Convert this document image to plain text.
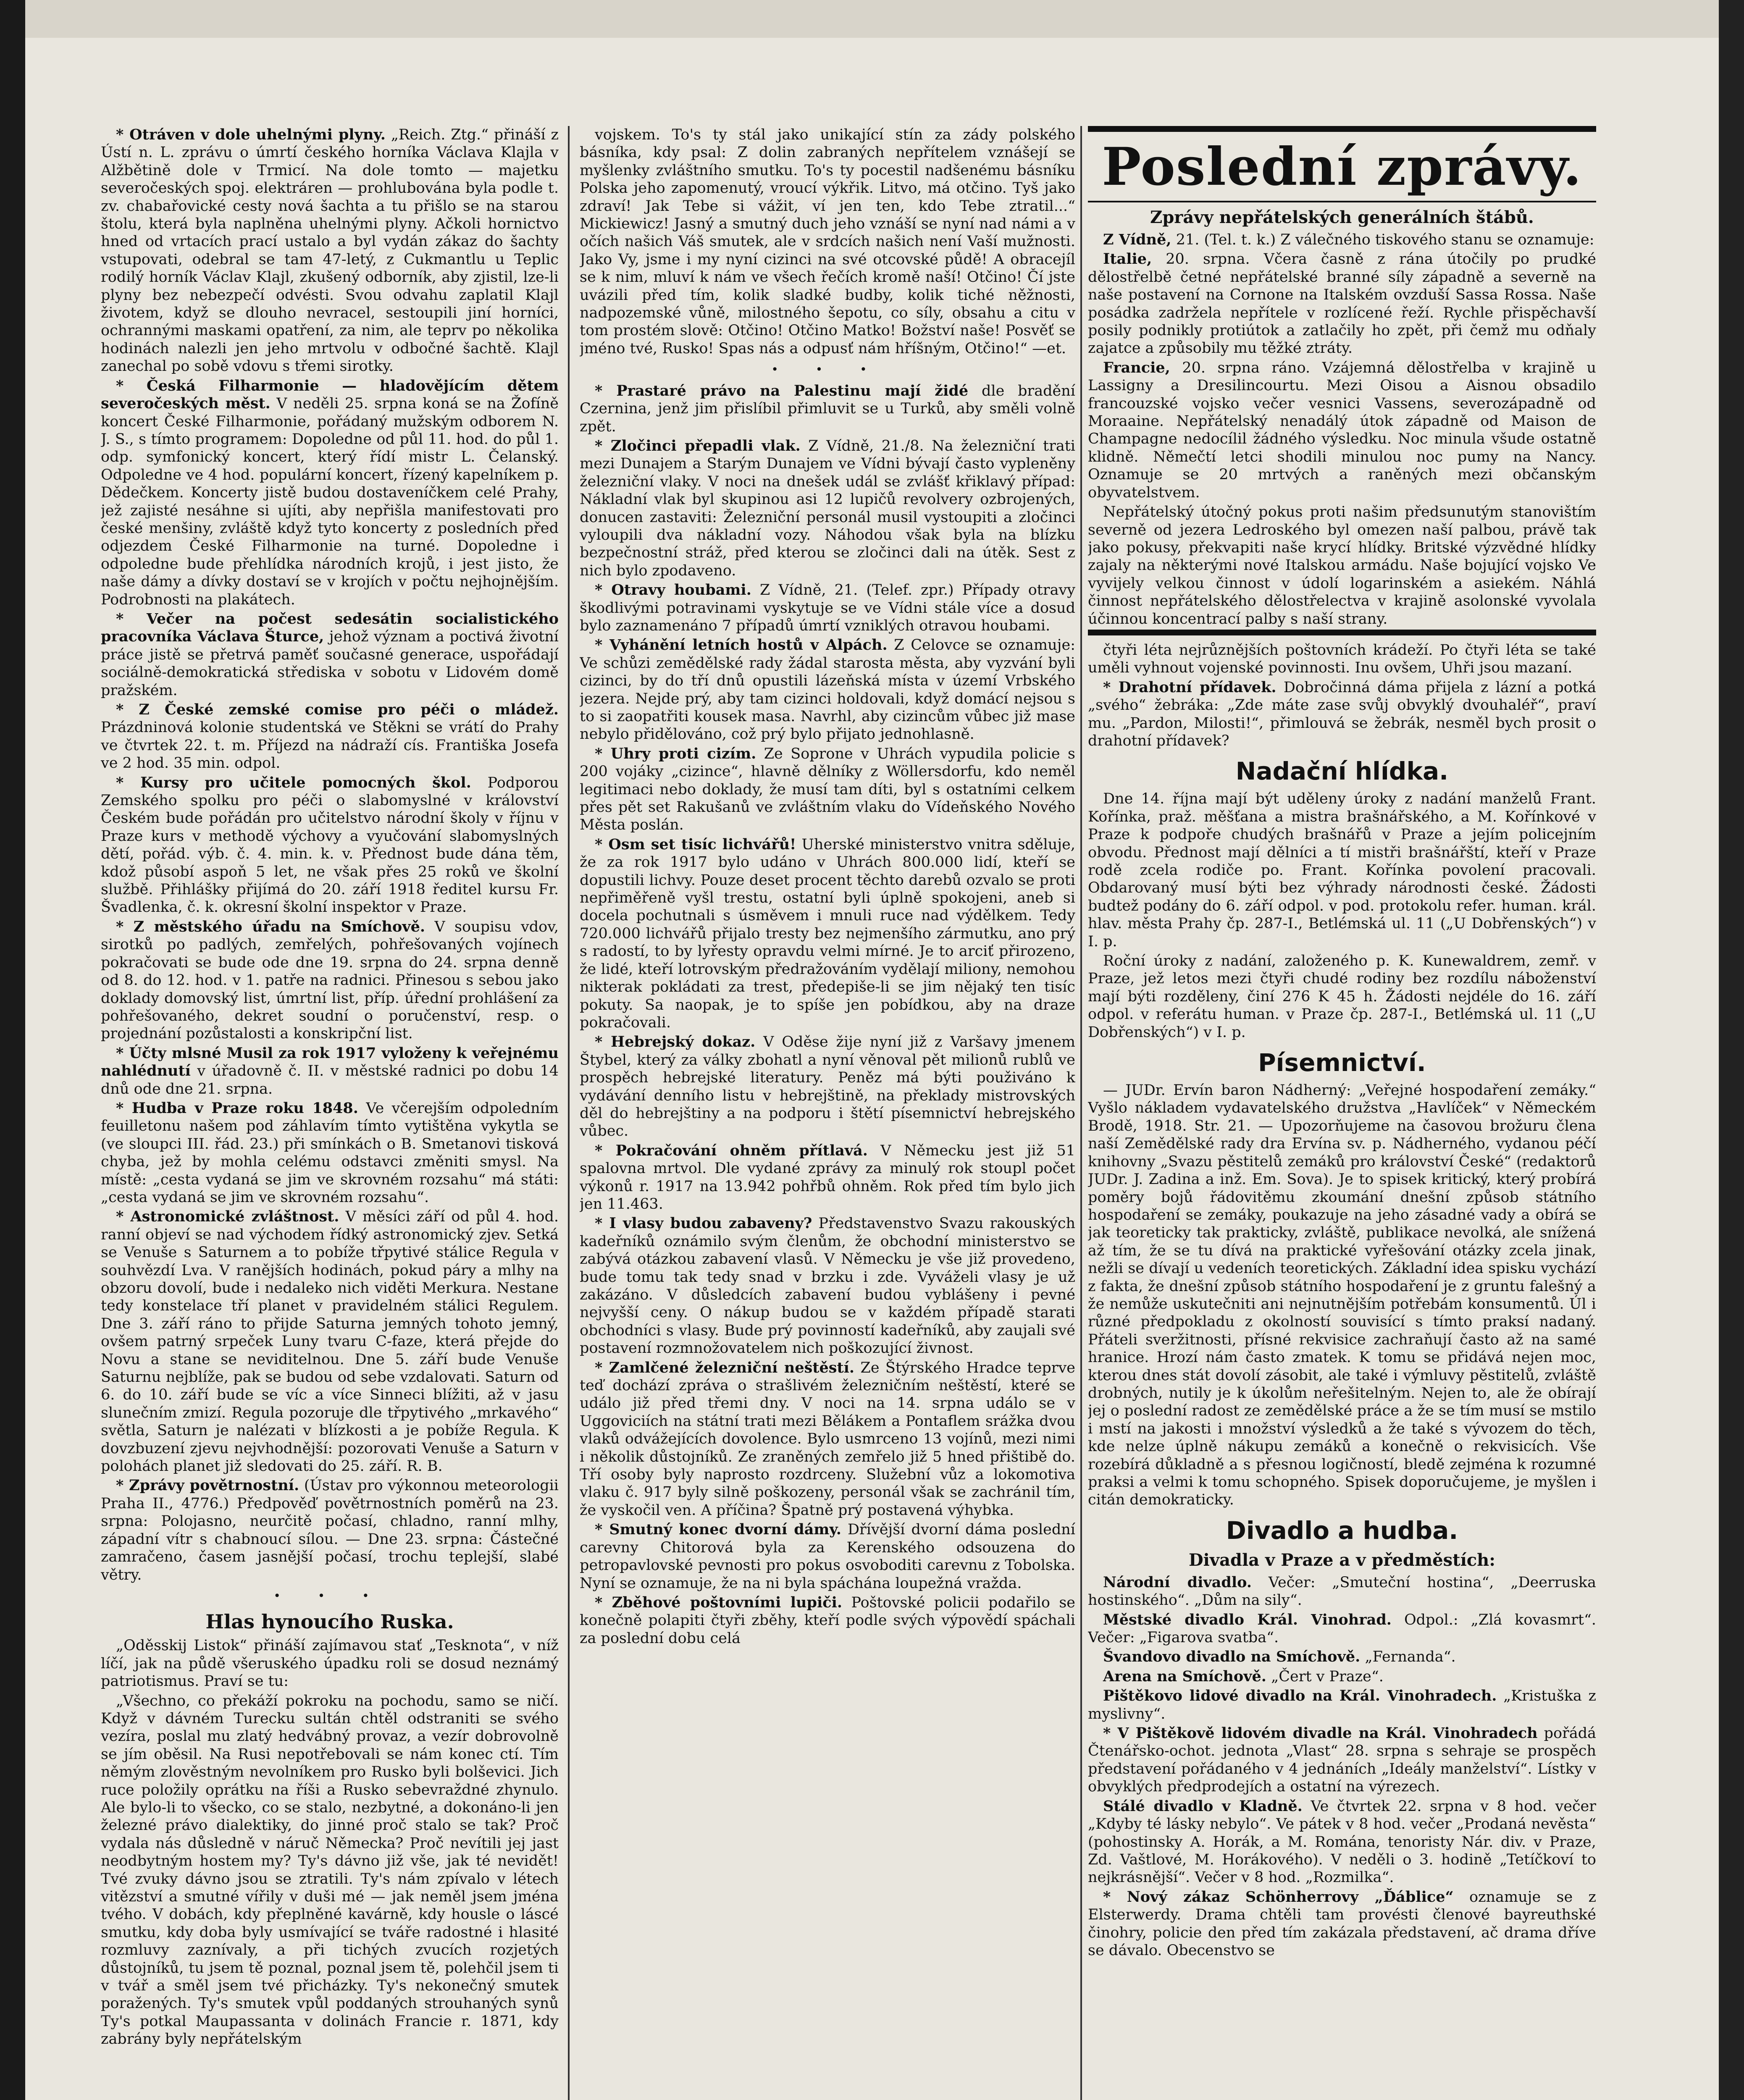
* Otráven v dole uhelnými plyny. „Reich. Ztg.“ přináší z Ústí n. L. zprávu o úmrtí českého horníka Václava Klajla v Alžbětině dole v Trmicí. Na dole tomto — majetku severočeských spoj. elektráren — prohlubována byla podle t. zv. chabařovické cesty nová šachta a tu přišlo se na starou štolu, která byla naplněna uhelnými plyny. Ačkoli hornictvo hned od vrtacích prací ustalo a byl vydán zákaz do šachty vstupovati, odebral se tam 47-letý, z Cukmantlu u Teplic rodilý horník Václav Klajl, zkušený odborník, aby zjistil, lze-li plyny bez nebezpečí odvésti. Svou odvahu zaplatil Klajl životem, když se dlouho nevracel, sestoupili jiní horníci, ochrannými maskami opatření, za nim, ale teprv po několika hodinách nalezli jen jeho mrtvolu v odbočné šachtě. Klajl zanechal po sobě vdovu s třemi sirotky.

* Česká Filharmonie — hladovějícím dětem severočeských měst. V neděli 25. srpna koná se na Žofíně koncert České Filharmonie, pořádaný mužským odborem N. J. S., s tímto programem: Dopoledne od půl 11. hod. do půl 1. odp. symfonický koncert, který řídí mistr L. Čelanský. Odpoledne ve 4 hod. populární koncert, řízený kapelníkem p. Dědečkem. Koncerty jistě budou dostaveníčkem celé Prahy, jež zajisté nesáhne si ujíti, aby nepřišla manifestovati pro české menšiny, zvláště když tyto koncerty z posledních před odjezdem České Filharmonie na turné. Dopoledne i odpoledne bude přehlídka národních krojů, i jest jisto, že naše dámy a dívky dostaví se v krojích v počtu nejhojnějším. Podrobnosti na plakátech.

* Večer na počest sedesátin socialistického pracovníka Václava Šturce, jehož význam a poctivá životní práce jistě se přetrvá paměť současné generace, uspořádají sociálně-demokratická střediska v sobotu v Lidovém domě pražském.

* Z České zemské comise pro péči o mládež. Prázdninová kolonie studentská ve Stěkni se vrátí do Prahy ve čtvrtek 22. t. m. Příjezd na nádraží cís. Františka Josefa ve 2 hod. 35 min. odpol.

* Kursy pro učitele pomocných škol. Podporou Zemského spolku pro péči o slabomyslné v království Českém bude pořádán pro učitelstvo národní školy v říjnu v Praze kurs v methodě výchovy a vyučování slabomyslných dětí, pořád. výb. č. 4. min. k. v. Přednost bude dána těm, kdož působí aspoň 5 let, ne však přes 25 roků ve školní službě. Přihlášky přijímá do 20. září 1918 ředitel kursu Fr. Švadlenka, č. k. okresní školní inspektor v Praze.

* Z městského úřadu na Smíchově. V soupisu vdov, sirotků po padlých, zemřelých, pohřešovaných vojínech pokračovati se bude ode dne 19. srpna do 24. srpna denně od 8. do 12. hod. v 1. patře na radnici. Přinesou s sebou jako doklady domovský list, úmrtní list, příp. úřední prohlášení za pohřešovaného, dekret soudní o poručenství, resp. o projednání pozůstalosti a konskripční list.

* Účty mlsné Musil za rok 1917 vyloženy k veřejnému nahlédnutí v úřadovně č. II. v městské radnici po dobu 14 dnů ode dne 21. srpna.

* Hudba v Praze roku 1848. Ve včerejším odpoledním feuilletonu našem pod záhlavím tímto vytištěna vykytla se (ve sloupci III. řád. 23.) při smínkách o B. Smetanovi tisková chyba, jež by mohla celému odstavci změniti smysl. Na místě: „cesta vydaná se jim ve skrovném rozsahu“ má státi: „cesta vydaná se jim ve skrovném rozsahu“.

* Astronomické zvláštnost. V měsíci září od půl 4. hod. ranní objeví se nad východem řídký astronomický zjev. Setká se Venuše s Saturnem a to pobíže třpytivé stálice Regula v souhvězdí Lva. V ranějších hodinách, pokud páry a mlhy na obzoru dovolí, bude i nedaleko nich viděti Merkura. Nestane tedy konstelace tří planet v pravidelném stálici Regulem. Dne 3. září ráno to přijde Saturna jemných tohoto jemný, ovšem patrný srpeček Luny tvaru C-faze, která přejde do Novu a stane se neviditelnou. Dne 5. září bude Venuše Saturnu nejblíže, pak se budou od sebe vzdalovati. Saturn od 6. do 10. září bude se víc a více Sinneci blížiti, až v jasu slunečním zmizí. Regula pozoruje dle třpytivého „mrkavého“ světla, Saturn je nalézati v blízkosti a je pobíže Regula. K dovzbuzení zjevu nejvhodnější: pozorovati Venuše a Saturn v polohách planet již sledovati do 25. září. R. B.

* Zprávy povětrnostní. (Ústav pro výkonnou meteorologii Praha II., 4776.) Předpověď povětrnostních poměrů na 23. srpna: Polojasno, neurčitě počasí, chladno, ranní mlhy, západní vítr s chabnoucí sílou. — Dne 23. srpna: Částečné zamračeno, časem jasnější počasí, trochu teplejší, slabé větry.

• • •
Hlas hynoucího Ruska.

„Oděsskij Listok“ přináší zajímavou stať „Tesknota“, v níž líčí, jak na půdě všeruského úpadku roli se dosud neznámý patriotismus. Praví se tu:

„Všechno, co překáží pokroku na pochodu, samo se ničí. Když v dávném Turecku sultán chtěl odstraniti se svého vezíra, poslal mu zlatý hedvábný provaz, a vezír dobrovolně se jím oběsil. Na Rusi nepotřebovali se nám konec ctí. Tím němým zlověstným nevolníkem pro Rusko byli bolševici. Jich ruce položily oprátku na říši a Rusko sebevraždné zhynulo. Ale bylo-li to všecko, co se stalo, nezbytné, a dokonáno-li jen železné právo dialektiky, do jinné proč stalo se tak? Proč vydala nás důsledně v náruč Německa? Proč nevítili jej jast neodbytným hostem my? Ty's dávno již vše, jak té nevidět! Tvé zvuky dávno jsou se ztratili. Ty's nám zpívalo v létech vitězství a smutné vířily v duši mé — jak neměl jsem jména tvého. V dobách, kdy přeplněné kavárně, kdy housle o láscé smutku, kdy doba byly usmívající se tváře radostné i hlasité rozmluvy zaznívaly, a při tichých zvucích rozjetých důstojníků, tu jsem tě poznal, poznal jsem tě, polehčil jsem ti v tvář a směl jsem tvé přicházky. Ty's nekonečný smutek poražených. Ty's smutek vpůl poddaných strouhaných synů Ty's potkal Maupassanta v dolinách Francie r. 1871, kdy zabrány byly nepřátelským

vojskem. To's ty stál jako unikající stín za zády polského básníka, kdy psal: Z dolin zabraných nepřítelem vznášejí se myšlenky zvláštního smutku. To's ty pocestil nadšenému básníku Polska jeho zapomenutý, vroucí výkřik. Litvo, má otčino. Tyš jako zdraví! Jak Tebe si vážit, ví jen ten, kdo Tebe ztratil...“ Mickiewicz! Jasný a smutný duch jeho vznáší se nyní nad námi a v očích našich Váš smutek, ale v srdcích našich není Vaší mužnosti. Jako Vy, jsme i my nyní cizinci na své otcovské půdě! A obracejíl se k nim, mluví k nám ve všech řečích kromě naší! Otčino! Čí jste uvázili před tím, kolik sladké budby, kolik tiché něžnosti, nadpozemské vůně, milostného šepotu, co síly, obsahu a citu v tom prostém slově: Otčino! Otčino Matko! Božství naše! Posvěť se jméno tvé, Rusko! Spas nás a odpusť nám hříšným, Otčino!“ —et.

• • •

* Prastaré právo na Palestinu mají židé dle bradění Czernina, jenž jim přislíbil přimluvit se u Turků, aby směli volně zpět.

* Zločinci přepadli vlak. Z Vídně, 21./8. Na železniční trati mezi Dunajem a Starým Dunajem ve Vídni bývají často vypleněny železniční vlaky. V noci na dnešek udál se zvlášť křiklavý případ: Nákladní vlak byl skupinou asi 12 lupičů revolvery ozbrojených, donucen zastaviti: Železniční personál musil vystoupiti a zločinci vyloupili dva nákladní vozy. Náhodou však byla na blízku bezpečnostní stráž, před kterou se zločinci dali na útěk. Sest z nich bylo zpodaveno.

* Otravy houbami. Z Vídně, 21. (Telef. zpr.) Případy otravy škodlivými potravinami vyskytuje se ve Vídni stále více a dosud bylo zaznamenáno 7 případů úmrtí vzniklých otravou houbami.

* Vyhánění letních hostů v Alpách. Z Celovce se oznamuje: Ve schůzi zemědělské rady žádal starosta města, aby vyzvání byli cizinci, by do tří dnů opustili lázeňská místa v území Vrbského jezera. Nejde prý, aby tam cizinci holdovali, když domácí nejsou s to si zaopatřiti kousek masa. Navrhl, aby cizincům vůbec již mase nebylo přidělováno, což prý bylo přijato jednohlasně.

* Uhry proti cizím. Ze Soprone v Uhrách vypudila policie s 200 vojáky „cizince“, hlavně dělníky z Wöllersdorfu, kdo neměl legitimaci nebo doklady, že musí tam díti, byl s ostatními celkem přes pět set Rakušanů ve zvláštním vlaku do Vídeňského Nového Města poslán.

* Osm set tisíc lichvářů! Uherské ministerstvo vnitra sděluje, že za rok 1917 bylo udáno v Uhrách 800.000 lidí, kteří se dopustili lichvy. Pouze deset procent těchto darebů ozvalo se proti nepřiměřeně vyšl trestu, ostatní byli úplně spokojeni, aneb si docela pochutnali s úsměvem i mnuli ruce nad výdělkem. Tedy 720.000 lichvářů přijalo tresty bez nejmenšího zármutku, ano prý s radostí, to by lyřesty opravdu velmi mírné. Je to arciť přirozeno, že lidé, kteří lotrovským předražováním vydělají miliony, nemohou nikterak pokládati za trest, předepiše-li se jim nějaký ten tisíc pokuty. Sa naopak, je to spíše jen pobídkou, aby na draze pokračovali.

* Hebrejský dokaz. V Oděse žije nyní již z Varšavy jmenem Štybel, který za války zbohatl a nyní věnoval pět milionů rublů ve prospěch hebrejské literatury. Peněz má býti použiváno k vydávání denního listu v hebrejštině, na překlady mistrovských děl do hebrejštiny a na podporu i štětí písemnictví hebrejského vůbec.

* Pokračování ohněm přítlavá. V Německu jest již 51 spalovna mrtvol. Dle vydané zprávy za minulý rok stoupl počet výkonů r. 1917 na 13.942 pohřbů ohněm. Rok před tím bylo jich jen 11.463.

* I vlasy budou zabaveny? Představenstvo Svazu rakouských kadeřníků oznámilo svým členům, že obchodní ministerstvo se zabývá otázkou zabavení vlasů. V Německu je vše již provedeno, bude tomu tak tedy snad v brzku i zde. Vyváželi vlasy je už zakázáno. V důsledcích zabavení budou vyblášeny i pevné nejvyšší ceny. O nákup budou se v každém případě starati obchodníci s vlasy. Bude prý povinností kadeřníků, aby zaujali své postavení rozmnožovatelem nich poškozující živnost.

* Zamlčené železniční neštěstí. Ze Štýrského Hradce teprve teď dochází zpráva o strašlivém železničním neštěstí, které se událo již před třemi dny. V noci na 14. srpna událo se v Uggoviciích na státní trati mezi Bělákem a Pontaflem srážka dvou vlaků odvážejících dovolence. Bylo usmrceno 13 vojínů, mezi nimi i několik důstojníků. Ze zraněných zemřelo již 5 hned přištibě do. Tří osoby byly naprosto rozdrceny. Služební vůz a lokomotiva vlaku č. 917 byly silně poškozeny, personál však se zachránil tím, že vyskočil ven. A příčina? Špatně prý postavená výhybka.

* Smutný konec dvorní dámy. Dřívější dvorní dáma poslední carevny Chitorová byla za Kerenského odsouzena do petropavlovské pevnosti pro pokus osvoboditi carevnu z Tobolska. Nyní se oznamuje, že na ni byla spáchána loupežná vražda.

* Zběhové poštovními lupiči. Poštovské policii podařilo se konečně polapiti čtyři zběhy, kteří podle svých výpovědí spáchali za poslední dobu celá

Poslední zprávy.
Zprávy nepřátelských generálních štábů.

Z Vídně, 21. (Tel. t. k.) Z válečného tiskového stanu se oznamuje:

Italie, 20. srpna. Včera časně z rána útočily po prudké dělostřelbě četné nepřátelské branné síly západně a severně na naše postavení na Cornone na Italském ovzduší Sassa Rossa. Naše posádka zadržela nepřítele v rozlícené řeží. Rychle přispěchavší posily podnikly protiútok a zatlačily ho zpět, při čemž mu odňaly zajatce a způsobily mu těžké ztráty.

Francie, 20. srpna ráno. Vzájemná dělostřelba v krajině u Lassigny a Dresilincourtu. Mezi Oisou a Aisnou obsadilo francouzské vojsko večer vesnici Vassens, severozápadně od Moraaine. Nepřátelský nenadálý útok západně od Maison de Champagne nedocílil žádného výsledku. Noc minula všude ostatně klidně. Němečtí letci shodili minulou noc pumy na Nancy. Oznamuje se 20 mrtvých a raněných mezi občanským obyvatelstvem.

Nepřátelský útočný pokus proti našim předsunutým stanovištím severně od jezera Ledroského byl omezen naší palbou, právě tak jako pokusy, překvapiti naše krycí hlídky. Britské výzvědné hlídky zajaly na některými nové Italskou armádu. Naše bojující vojsko Ve vyvijely velkou činnost v údolí logarinském a asiekém. Náhlá činnost nepřátelského dělostřelectva v krajině asolonské vyvolala účinnou koncentrací palby s naší strany.

čtyři léta nejrůznějších poštovních krádeží. Po čtyři léta se také uměli vyhnout vojenské povinnosti. Inu ovšem, Uhři jsou mazaní.

* Drahotní přídavek. Dobročinná dáma přijela z lázní a potká „svého“ žebráka: „Zde máte zase svůj obvyklý dvouhaléř“, praví mu. „Pardon, Milosti!“, přimlouvá se žebrák, nesměl bych prosit o drahotní přídavek?

Nadační hlídka.

Dne 14. října mají být uděleny úroky z nadání manželů Frant. Kořínka, praž. měšťana a mistra brašnářského, a M. Kořínkové v Praze k podpoře chudých brašnářů v Praze a jejím policejním obvodu. Přednost mají dělníci a tí mistři brašnářští, kteří v Praze rodě zcela rodiče po. Frant. Kořínka povolení pracovali. Obdarovaný musí býti bez výhrady národnosti české. Žádosti budtež podány do 6. září odpol. v pod. protokolu refer. human. král. hlav. města Prahy čp. 287-I., Betlémská ul. 11 („U Dobřenských“) v I. p.

Roční úroky z nadání, založeného p. K. Kunewaldrem, zemř. v Praze, jež letos mezi čtyři chudé rodiny bez rozdílu náboženství mají býti rozděleny, činí 276 K 45 h. Žádosti nejdéle do 16. září odpol. v referátu human. v Praze čp. 287-I., Betlémská ul. 11 („U Dobřenských“) v I. p.

Písemnictví.

— JUDr. Ervín baron Nádherný: „Veřejné hospodaření zemáky.“ Vyšlo nákladem vydavatelského družstva „Havlíček“ v Německém Brodě, 1918. Str. 21. — Upozorňujeme na časovou brožuru člena naší Zemědělské rady dra Ervína sv. p. Nádherného, vydanou péčí knihovny „Svazu pěstitelů zemáků pro království České“ (redaktorů JUDr. J. Zadina a inž. Em. Sova). Je to spisek kritický, který probírá poměry bojů řádovitěmu zkoumání dnešní způsob státního hospodaření se zemáky, poukazuje na jeho zásadné vady a obírá se jak teoreticky tak prakticky, zvláště, publikace nevolká, ale snížená až tím, že se tu dívá na praktické vyřešování otázky zcela jinak, nežli se dívají u vedeních teoretických. Základní idea spisku vychází z fakta, že dnešní způsob státního hospodaření je z gruntu falešný a že nemůže uskutečniti ani nejnutnějším potřebám konsumentů. Úl i různé předpokladu z okolností souvisící s tímto praksí nadaný. Přáteli sveržitnosti, přísné rekvisice zachraňují často až na samé hranice. Hrozí nám často zmatek. K tomu se přidává nejen moc, kterou dnes stát dovolí zásobit, ale také i výmluvy pěstitelů, zvláště drobných, nutily je k úkolům neřešitelným. Nejen to, ale že obírají jej o poslední radost ze zemědělské práce a že se tím musí se mstilo i mstí na jakosti i množství výsledků a že také s vývozem do těch, kde nelze úplně nákupu zemáků a konečně o rekvisicích. Vše rozebírá důkladně a s přesnou logičností, bledě zejména k rozumné praksi a velmi k tomu schopného. Spisek doporučujeme, je myšlen i citán demokraticky.

Divadlo a hudba.
Divadla v Praze a v předměstích:

Národní divadlo. Večer: „Smuteční hostina“, „Deerruska hostinského“. „Dům na sily“.

Městské divadlo Král. Vinohrad. Odpol.: „Zlá kovasmrt“. Večer: „Figarova svatba“.

Švandovo divadlo na Smíchově. „Fernanda“.

Arena na Smíchově. „Čert v Praze“.

Pištěkovo lidové divadlo na Král. Vinohradech. „Kristuška z myslivny“.

* V Pištěkově lidovém divadle na Král. Vinohradech pořádá Čtenářsko-ochot. jednota „Vlast“ 28. srpna s sehraje se prospěch představení pořádaného v 4 jednáních „Ideály manželství“. Lístky v obvyklých předprodejích a ostatní na výrezech.

Stálé divadlo v Kladně. Ve čtvrtek 22. srpna v 8 hod. večer „Kdyby té lásky nebylo“. Ve pátek v 8 hod. večer „Prodaná nevěsta“ (pohostinsky A. Horák, a M. Romána, tenoristy Nár. div. v Praze, Zd. Vaštlové, M. Horákového). V neděli o 3. hodině „Tetíčkoví to nejkrásnější“. Večer v 8 hod. „Rozmilka“.

* Nový zákaz Schönherrovy „Ďáblice“ oznamuje se z Elsterwerdy. Drama chtěli tam provésti členové bayreuthské činohry, policie den před tím zakázala představení, ač drama dříve se dávalo. Obecenstvo se
